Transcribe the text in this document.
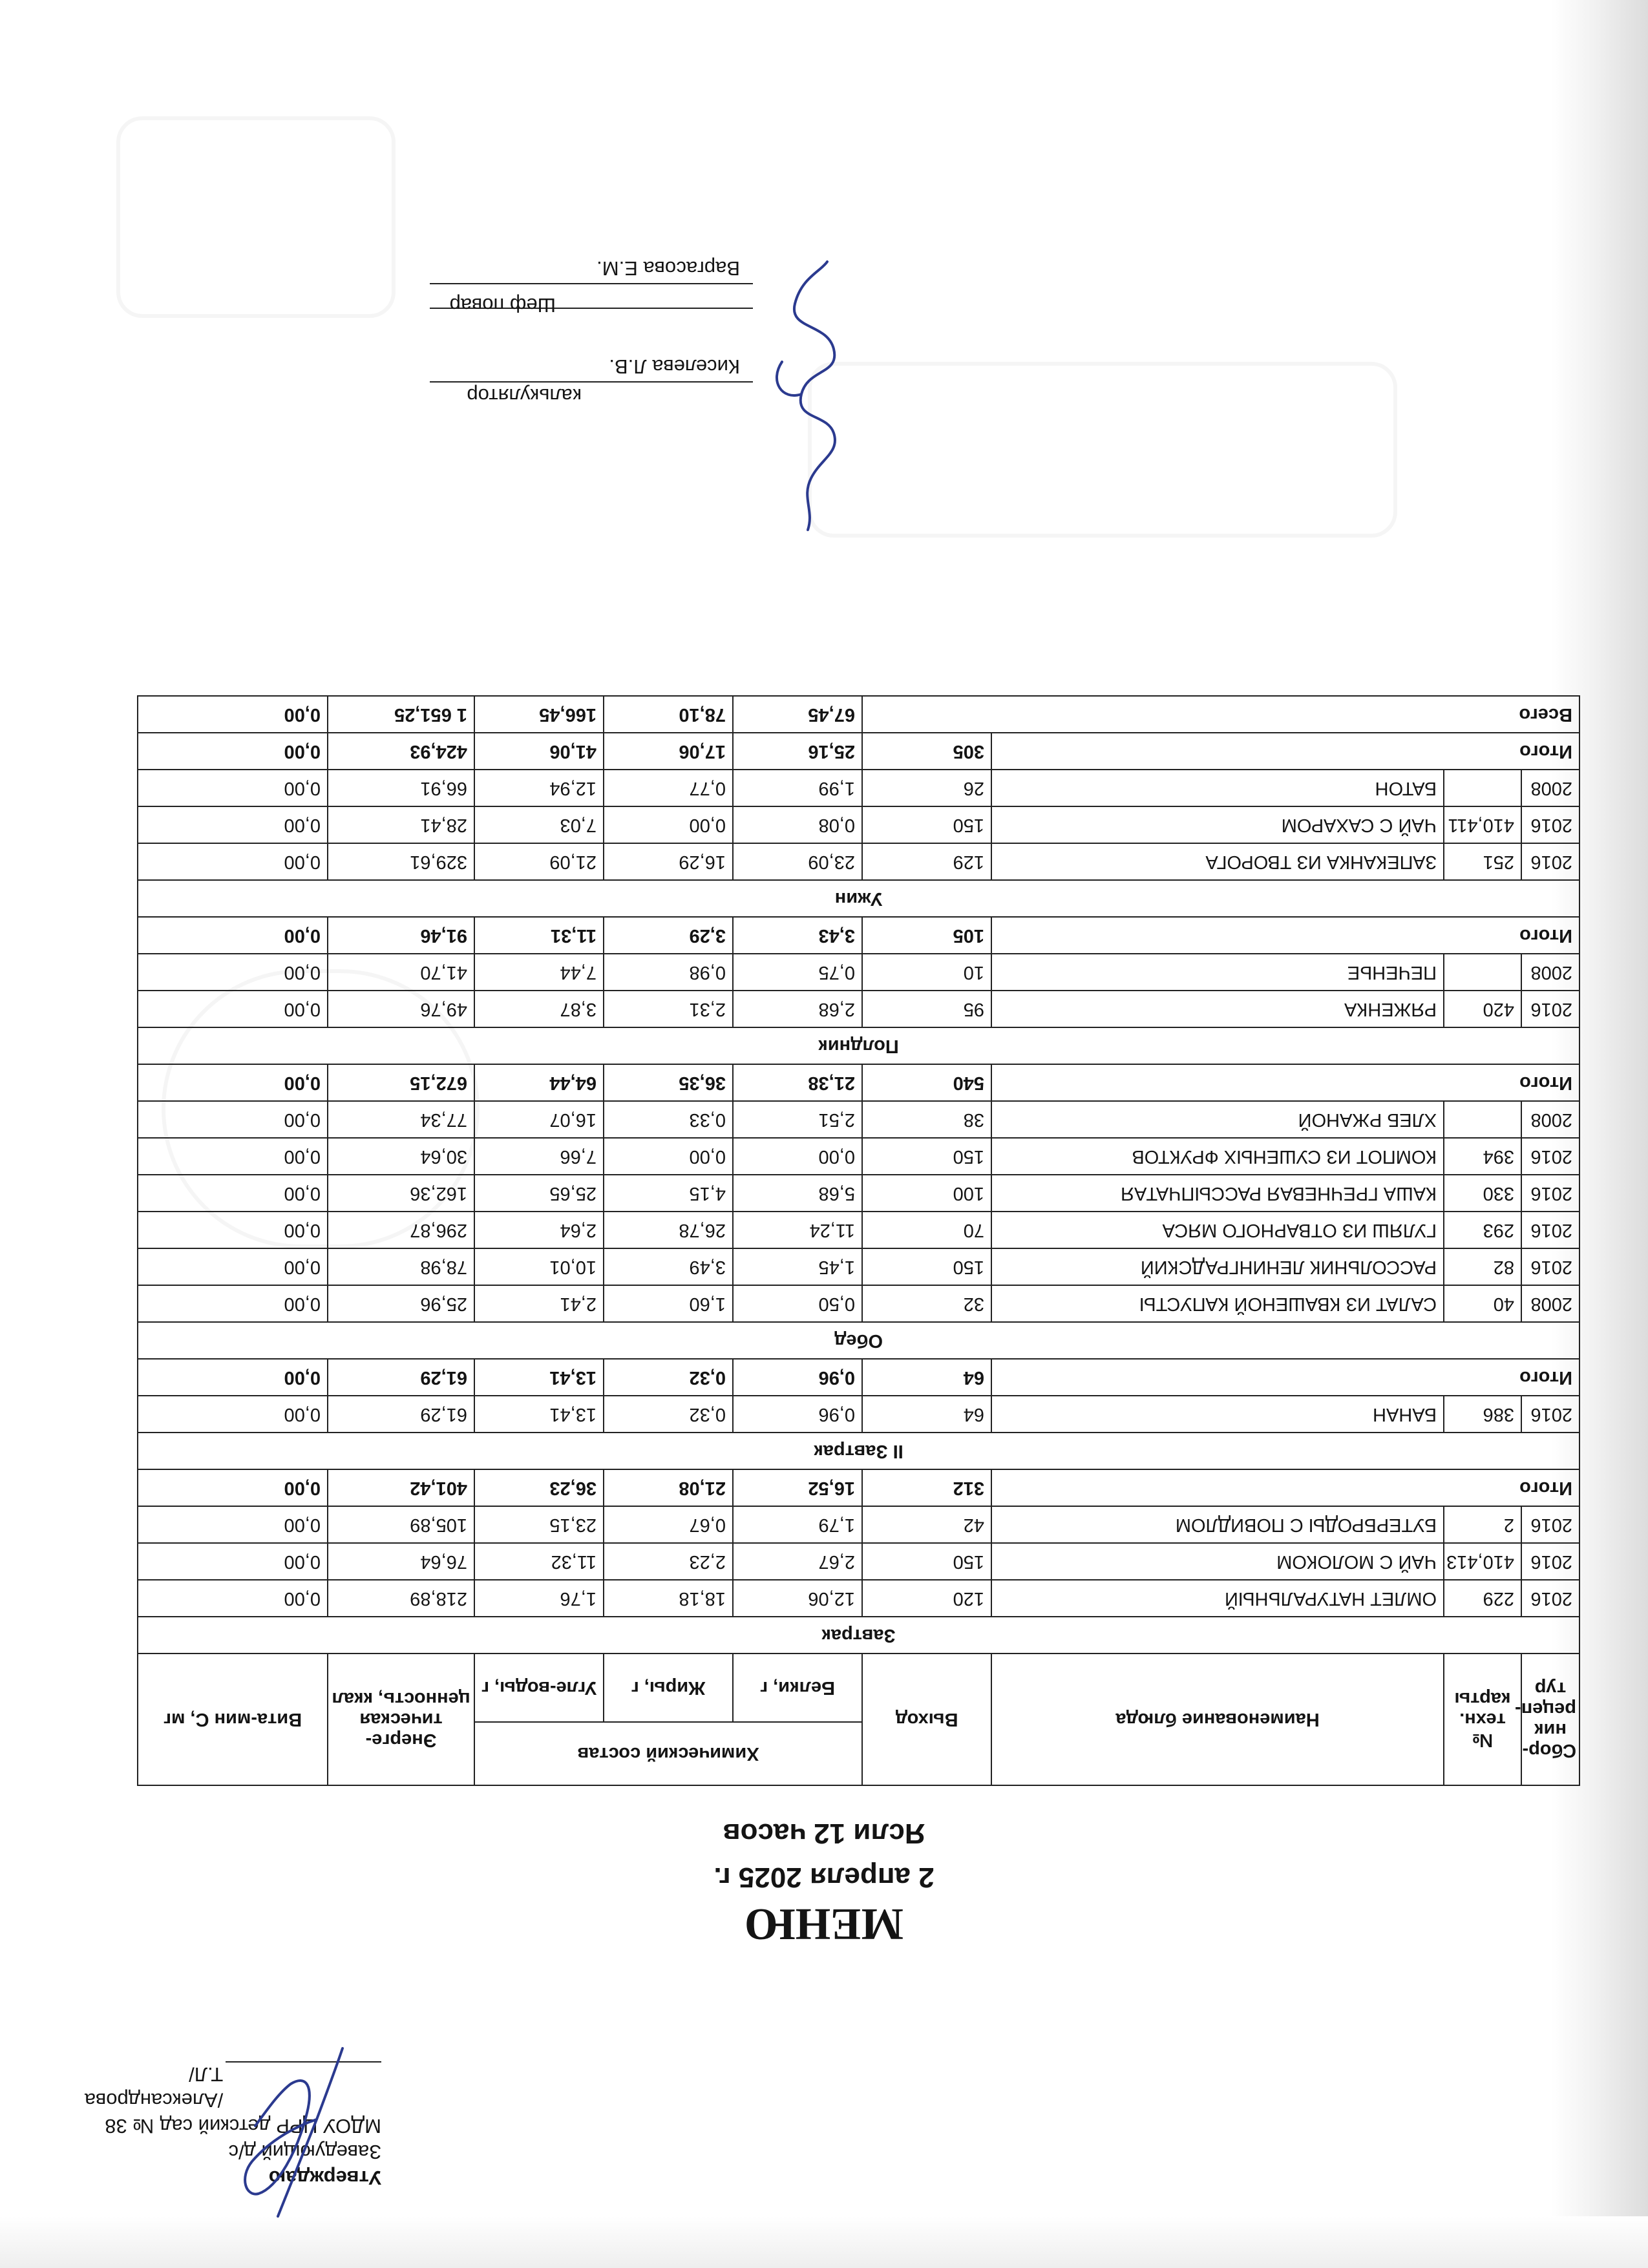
Утверждаю
Заведующий д/с
МДОУ ЦРР детский сад № 38
/Александрова Т.Л/
МЕНЮ
2 апреля 2025 г.
Ясли 12 часов
Сбор-ник рецеп-тур	№ техн. карты	Наименование блюда	Выход	Химический состав			Энерге-тическая ценность, ккал	Вита-мин С, мг
				Белки, г	Жиры, г	Угле-воды, г		
Завтрак								
2016	229	ОМЛЕТ НАТУРАЛЬНЫЙ	120	12,06	18,18	1,76	218,89	0,00
2016	410,413	ЧАЙ С МОЛОКОМ	150	2,67	2,23	11,32	76,64	0,00
2016	2	БУТЕРБРОДЫ С ПОВИДЛОМ	42	1,79	0,67	23,15	105,89	0,00
Итого			312	16,52	21,08	36,23	401,42	0,00
II Завтрак								
2016	386	БАНАН	64	0,96	0,32	13,41	61,29	0,00
Итого			64	0,96	0,32	13,41	61,29	0,00
Обед								
2008	40	САЛАТ ИЗ КВАШЕНОЙ КАПУСТЫ	32	0,50	1,60	2,41	25,96	0,00
2016	82	РАССОЛЬНИК ЛЕНИНГРАДСКИЙ	150	1,45	3,49	10,01	78,98	0,00
2016	293	ГУЛЯШ ИЗ ОТВАРНОГО МЯСА	70	11,24	26,78	2,64	296,87	0,00
2016	330	КАША ГРЕЧНЕВАЯ РАССЫПЧАТАЯ	100	5,68	4,15	25,65	162,36	0,00
2016	394	КОМПОТ ИЗ СУШЕНЫХ ФРУКТОВ	150	0,00	0,00	7,66	30,64	0,00
2008		ХЛЕБ РЖАНОЙ	38	2,51	0,33	16,07	77,34	0,00
Итого			540	21,38	36,35	64,44	672,15	0,00
Полдник								
2016	420	РЯЖЕНКА	95	2,68	2,31	3,87	49,76	0,00
2008		ПЕЧЕНЬЕ	10	0,75	0,98	7,44	41,70	0,00
Итого			105	3,43	3,29	11,31	91,46	0,00
Ужин								
2016	251	ЗАПЕКАНКА ИЗ ТВОРОГА	129	23,09	16,29	21,09	329,61	0,00
2016	410,411	ЧАЙ С САХАРОМ	150	0,08	0,00	7,03	28,41	0,00
2008		БАТОН	26	1,99	0,77	12,94	66,91	0,00
Итого			305	25,16	17,06	41,06	424,93	0,00
Всего				67,45	78,10	166,45	1 651,25	0,00
калькулятор
Киселева Л.В.
Шеф повар
Варгасова Е.М.
